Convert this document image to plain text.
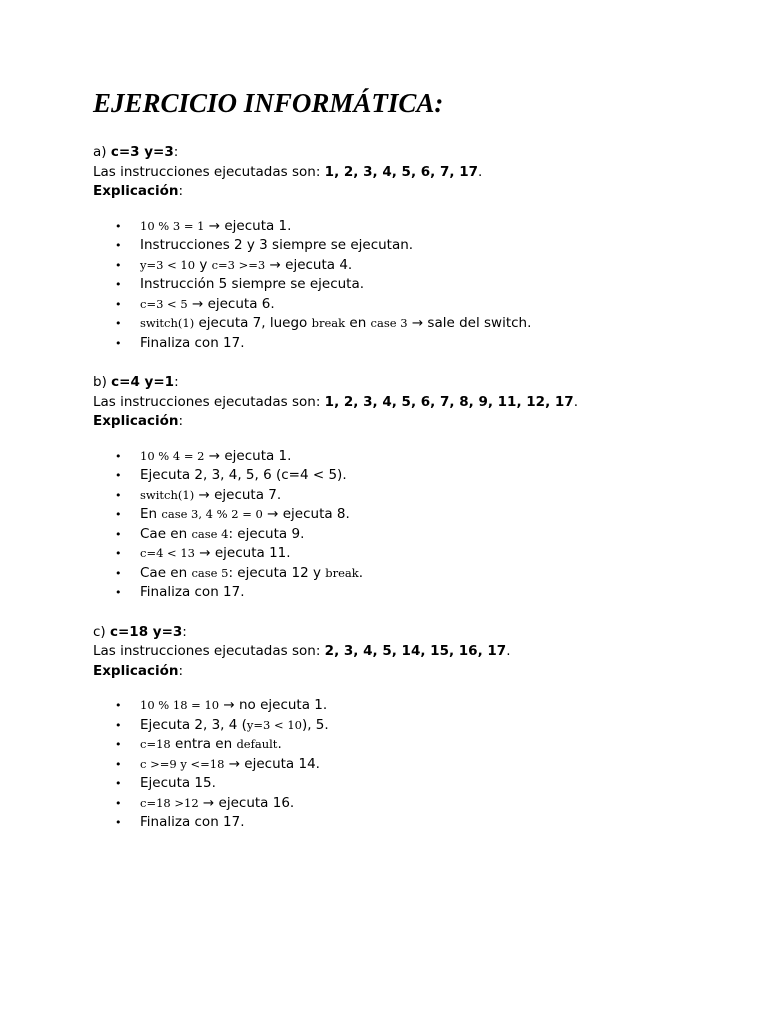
EJERCICIO INFORMÁTICA:
a) c=3 y=3:
Las instrucciones ejecutadas son: 1, 2, 3, 4, 5, 6, 7, 17.
Explicación:
• 10 % 3 = 1 → ejecuta 1.
• Instrucciones 2 y 3 siempre se ejecutan.
• y=3 < 10 y c=3 >=3 → ejecuta 4.
• Instrucción 5 siempre se ejecuta.
• c=3 < 5 → ejecuta 6.
• switch(1) ejecuta 7, luego break en case 3 → sale del switch.
• Finaliza con 17.
b) c=4 y=1:
Las instrucciones ejecutadas son: 1, 2, 3, 4, 5, 6, 7, 8, 9, 11, 12, 17.
Explicación:
• 10 % 4 = 2 → ejecuta 1.
• Ejecuta 2, 3, 4, 5, 6 (c=4 < 5).
• switch(1) → ejecuta 7.
• En case 3, 4 % 2 = 0 → ejecuta 8.
• Cae en case 4: ejecuta 9.
• c=4 < 13 → ejecuta 11.
• Cae en case 5: ejecuta 12 y break.
• Finaliza con 17.
c) c=18 y=3:
Las instrucciones ejecutadas son: 2, 3, 4, 5, 14, 15, 16, 17.
Explicación:
• 10 % 18 = 10 → no ejecuta 1.
• Ejecuta 2, 3, 4 (y=3 < 10), 5.
• c=18 entra en default.
• c >=9 y <=18 → ejecuta 14.
• Ejecuta 15.
• c=18 >12 → ejecuta 16.
• Finaliza con 17.
